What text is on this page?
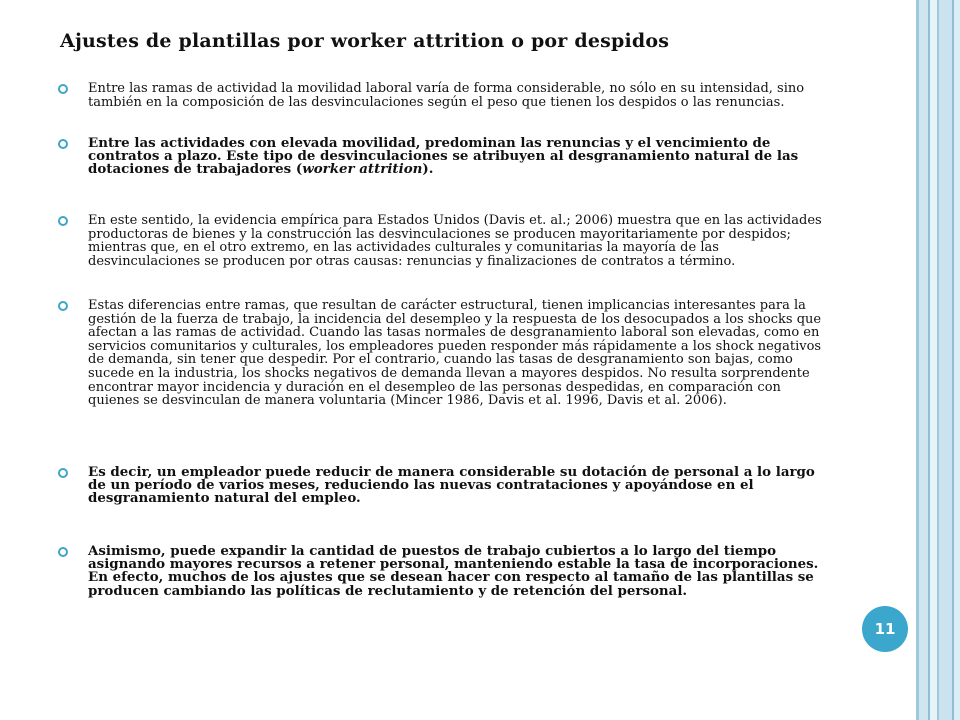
Ajustes de plantillas por worker attrition o por despidos
Entre las ramas de actividad la movilidad laboral varía de forma considerable, no sólo en su intensidad, sino también en la composición de las desvinculaciones según el peso que tienen los despidos o las renuncias.
Entre las actividades con elevada movilidad, predominan las renuncias y el vencimiento de contratos a plazo. Este tipo de desvinculaciones se atribuyen al desgranamiento natural de las dotaciones de trabajadores (worker attrition).
En este sentido, la evidencia empírica para Estados Unidos (Davis et. al.; 2006) muestra que en las actividades productoras de bienes y la construcción las desvinculaciones se producen mayoritariamente por despidos; mientras que, en el otro extremo, en las actividades culturales y comunitarias la mayoría de las desvinculaciones se producen por otras causas: renuncias y finalizaciones de contratos a término.
Estas diferencias entre ramas, que resultan de carácter estructural, tienen implicancias interesantes para la gestión de la fuerza de trabajo, la incidencia del desempleo y la respuesta de los desocupados a los shocks que afectan a las ramas de actividad. Cuando las tasas normales de desgranamiento laboral son elevadas, como en servicios comunitarios y culturales, los empleadores pueden responder más rápidamente a los shock negativos de demanda, sin tener que despedir. Por el contrario, cuando las tasas de desgranamiento son bajas, como sucede en la industria, los shocks negativos de demanda llevan a mayores despidos. No resulta sorprendente encontrar mayor incidencia y duración en el desempleo de las personas despedidas, en comparación con quienes se desvinculan de manera voluntaria (Mincer 1986, Davis et al. 1996, Davis et al. 2006).
Es decir, un empleador puede reducir de manera considerable su dotación de personal a lo largo de un período de varios meses, reduciendo las nuevas contrataciones y apoyándose en el desgranamiento natural del empleo.
Asimismo, puede expandir la cantidad de puestos de trabajo cubiertos a lo largo del tiempo asignando mayores recursos a retener personal, manteniendo estable la tasa de incorporaciones. En efecto, muchos de los ajustes que se desean hacer con respecto al tamaño de las plantillas se producen cambiando las políticas de reclutamiento y de retención del personal.
11
